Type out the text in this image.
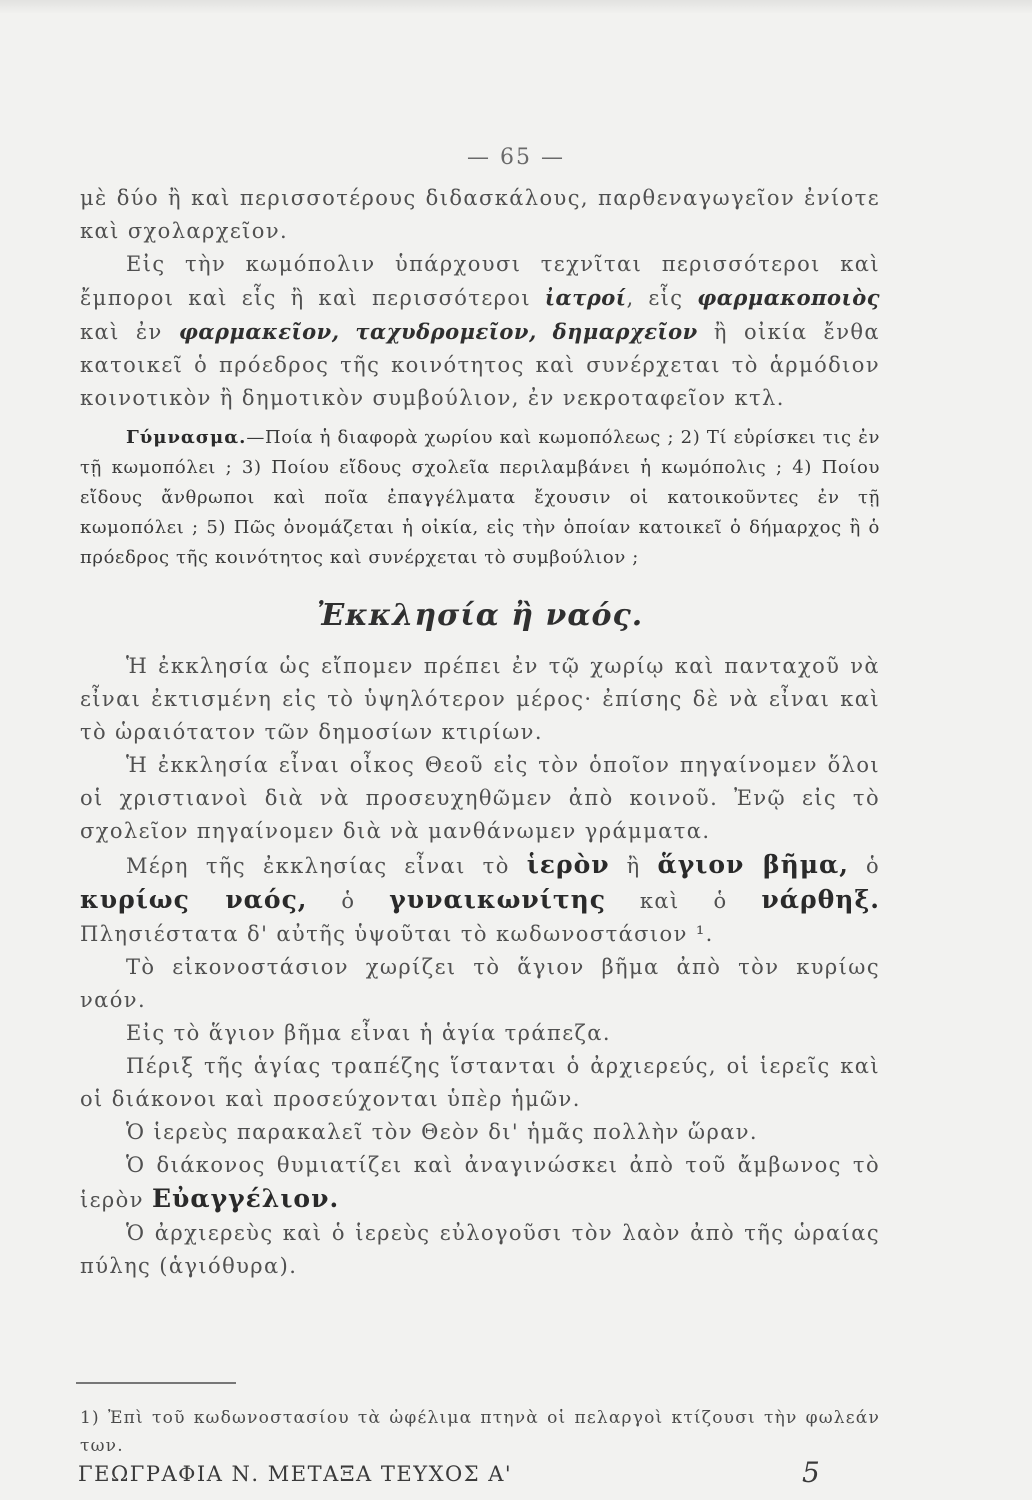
— 65 —

μὲ δύο ἢ καὶ περισσοτέρους διδασκάλους, παρθεναγωγεῖον ἐνίοτε καὶ σχολαρχεῖον.

Εἰς τὴν κωμόπολιν ὑπάρχουσι τεχνῖται περισσότεροι καὶ ἔμποροι καὶ εἷς ἢ καὶ περισσότεροι ἰατροί, εἷς φαρμακοποιὸς καὶ ἐν φαρμακεῖον, ταχυδρομεῖον, δημαρχεῖον ἢ οἰκία ἔνθα κατοικεῖ ὁ πρόεδρος τῆς κοινότητος καὶ συνέρχεται τὸ ἁρμόδιον κοινοτικὸν ἢ δημοτικὸν συμβούλιον, ἐν νεκροταφεῖον κτλ.

Γύμνασμα.—Ποία ἡ διαφορὰ χωρίου καὶ κωμοπόλεως ; 2) Τί εὑρίσκει τις ἐν τῇ κωμοπόλει ; 3) Ποίου εἴδους σχολεῖα περιλαμβάνει ἡ κωμόπολις ; 4) Ποίου εἴδους ἄνθρωποι καὶ ποῖα ἐπαγγέλματα ἔχουσιν οἱ κατοικοῦντες ἐν τῇ κωμοπόλει ; 5) Πῶς ὀνομάζεται ἡ οἰκία, εἰς τὴν ὁποίαν κατοικεῖ ὁ δήμαρχος ἢ ὁ πρόεδρος τῆς κοινότητος καὶ συνέρχεται τὸ συμβούλιον ;

Ἐκκλησία ἢ ναός.

Ἡ ἐκκλησία ὡς εἴπομεν πρέπει ἐν τῷ χωρίῳ καὶ πανταχοῦ νὰ εἶναι ἐκτισμένη εἰς τὸ ὑψηλότερον μέρος· ἐπίσης δὲ νὰ εἶναι καὶ τὸ ὡραιότατον τῶν δημοσίων κτιρίων.

Ἡ ἐκκλησία εἶναι οἶκος Θεοῦ εἰς τὸν ὁποῖον πηγαίνομεν ὅλοι οἱ χριστιανοὶ διὰ νὰ προσευχηθῶμεν ἀπὸ κοινοῦ. Ἐνῷ εἰς τὸ σχολεῖον πηγαίνομεν διὰ νὰ μανθάνωμεν γράμματα.

Μέρη τῆς ἐκκλησίας εἶναι τὸ ἱερὸν ἢ ἅγιον βῆμα, ὁ κυρίως ναός, ὁ γυναικωνίτης καὶ ὁ νάρθηξ. Πλησιέστατα δ' αὐτῆς ὑψοῦται τὸ κωδωνοστάσιον ¹.

Τὸ εἰκονοστάσιον χωρίζει τὸ ἅγιον βῆμα ἀπὸ τὸν κυρίως ναόν.

Εἰς τὸ ἅγιον βῆμα εἶναι ἡ ἁγία τράπεζα.

Πέριξ τῆς ἁγίας τραπέζης ἵστανται ὁ ἀρχιερεύς, οἱ ἱερεῖς καὶ οἱ διάκονοι καὶ προσεύχονται ὑπὲρ ἡμῶν.

Ὁ ἱερεὺς παρακαλεῖ τὸν Θεὸν δι' ἡμᾶς πολλὴν ὥραν.

Ὁ διάκονος θυμιατίζει καὶ ἀναγινώσκει ἀπὸ τοῦ ἄμβωνος τὸ ἱερὸν Εὐαγγέλιον.

Ὁ ἀρχιερεὺς καὶ ὁ ἱερεὺς εὐλογοῦσι τὸν λαὸν ἀπὸ τῆς ὡραίας πύλης (ἁγιόθυρα).

1) Ἐπὶ τοῦ κωδωνοστασίου τὰ ὠφέλιμα πτηνὰ οἱ πελαργοὶ κτίζουσι τὴν φωλεάν των.
ΓΕΩΓΡΑΦΙΑ Ν. ΜΕΤΑΞΑ ΤΕΥΧΟΣ Α'	5
